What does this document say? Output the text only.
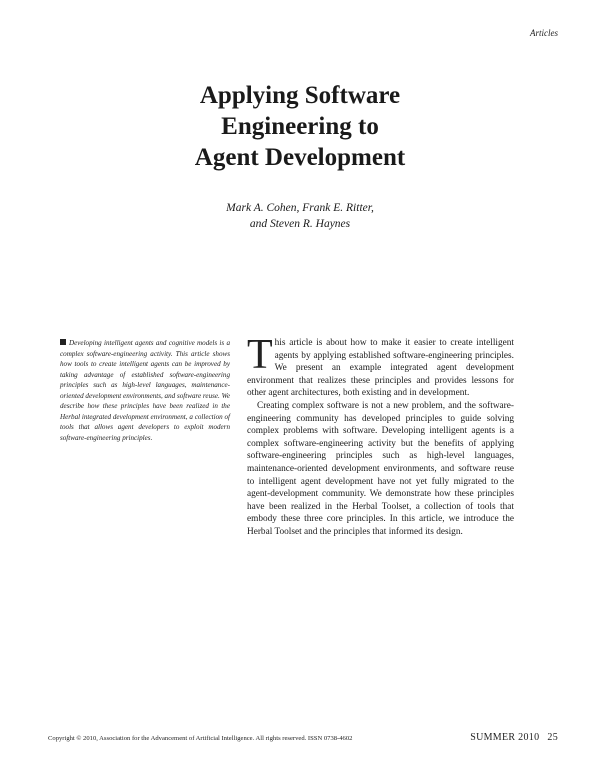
Articles
Applying Software
Engineering to
Agent Development
Mark A. Cohen, Frank E. Ritter,
and Steven R. Haynes
Developing intelligent agents and cognitive models is a complex software-engineering activity. This article shows how tools to create intelligent agents can be improved by taking advantage of established software-engineering principles such as high-level languages, maintenance-oriented development environments, and software reuse. We describe how these principles have been realized in the Herbal integrated development environment, a collection of tools that allows agent developers to exploit modern software-engineering principles.

This article is about how to make it easier to create intelligent agents by applying established software-engineering principles. We present an example integrated agent development environment that realizes these principles and provides lessons for other agent architectures, both existing and in development.

Creating complex software is not a new problem, and the software-engineering community has developed principles to guide solving complex problems with software. Developing intelligent agents is a complex software-engineering activity but the benefits of applying software-engineering principles such as high-level languages, maintenance-oriented development environments, and software reuse to intelligent agent development have not yet fully migrated to the agent-development community. We demonstrate how these principles have been realized in the Herbal Toolset, a collection of tools that embody these three core principles. In this article, we introduce the Herbal Toolset and the principles that informed its design.

Copyright © 2010, Association for the Advancement of Artificial Intelligence. All rights reserved. ISSN 0738-4602	SUMMER 2010 25
